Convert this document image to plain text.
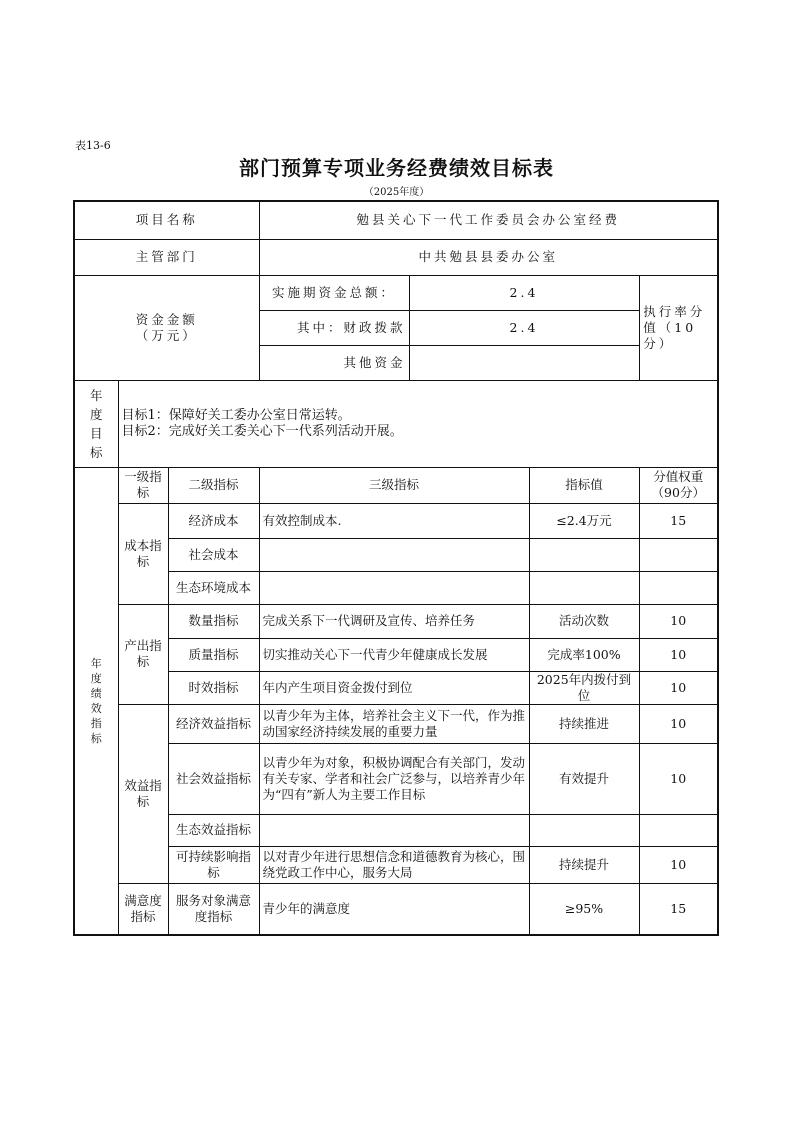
表13-6
部门预算专项业务经费绩效目标表
（2025年度）
项目名称			勉县关心下一代工作委员会办公室经费			
主管部门			中共勉县县委办公室			

资金金额（万元）			实施期资金总额：	2.4		执行率分值（10分）

			其中：财政拨款	2.4		
			其他资金			

年度目标	目标1：保障好关工委办公室日常运转。
目标2：完成好关工委关心下一代系列活动开展。					

年度绩效指标	一级指标	二级指标	三级指标		指标值	分值权重（90分）

	成本指标	经济成本	有效控制成本.		≤2.4万元	15
		社会成本				
		生态环境成本				

	产出指标	数量指标	完成关系下一代调研及宣传、培养任务		活动次数	10
		质量指标	切实推动关心下一代青少年健康成长发展		完成率100%	10
		时效指标	年内产生项目资金拨付到位		2025年内拨付到位	10

	效益指标	经济效益指标	以青少年为主体，培养社会主义下一代，作为推动国家经济持续发展的重要力量		持续推进	10
		社会效益指标	以青少年为对象，积极协调配合有关部门，发动有关专家、学者和社会广泛参与，以培养青少年为“四有”新人为主要工作目标		有效提升	10
		生态效益指标				
		可持续影响指标	以对青少年进行思想信念和道德教育为核心，围绕党政工作中心，服务大局		持续提升	10

	满意度指标	服务对象满意度指标	青少年的满意度		≥95%	15
